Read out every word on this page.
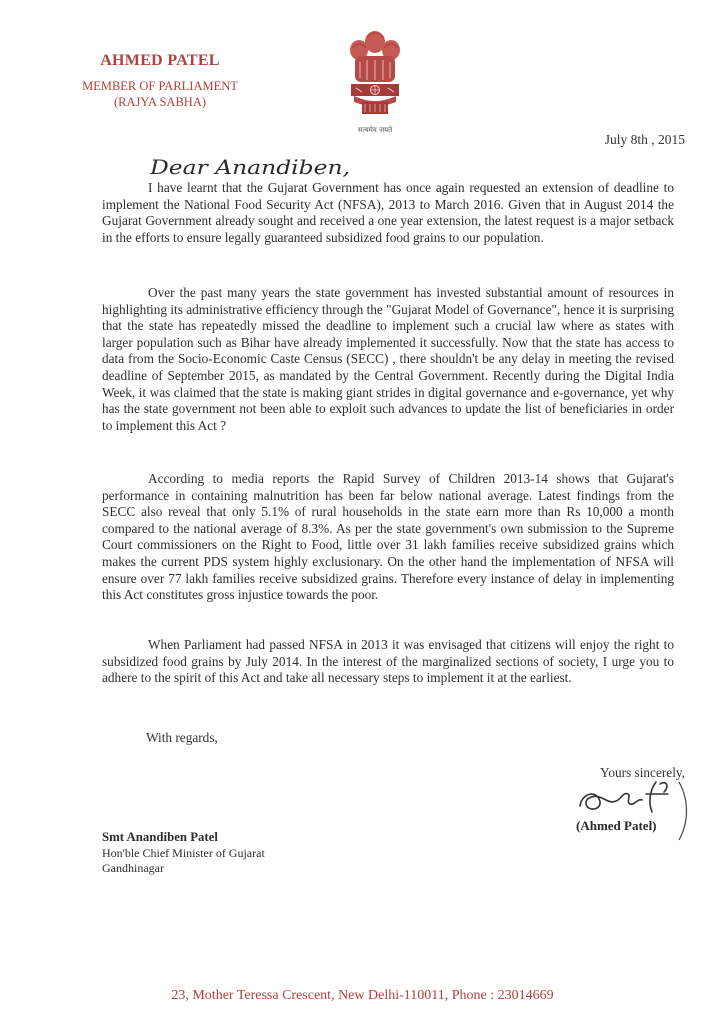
AHMED PATEL
MEMBER OF PARLIAMENT
(RAJYA SABHA)
सत्यमेव जयते
July 8th , 2015
Dear Anandiben,

I have learnt that the Gujarat Government has once again requested an extension of deadline to implement the National Food Security Act (NFSA), 2013 to March 2016. Given that in August 2014 the Gujarat Government already sought and received a one year extension, the latest request is a major setback in the efforts to ensure legally guaranteed subsidized food grains to our population.

Over the past many years the state government has invested substantial amount of resources in highlighting its administrative efficiency through the "Gujarat Model of Governance", hence it is surprising that the state has repeatedly missed the deadline to implement such a crucial law where as states with larger population such as Bihar have already implemented it successfully. Now that the state has access to data from the Socio-Economic Caste Census (SECC) , there shouldn't be any delay in meeting the revised deadline of September 2015, as mandated by the Central Government. Recently during the Digital India Week, it was claimed that the state is making giant strides in digital governance and e-governance, yet why has the state government not been able to exploit such advances to update the list of beneficiaries in order to implement this Act ?

According to media reports the Rapid Survey of Children 2013-14 shows that Gujarat's performance in containing malnutrition has been far below national average. Latest findings from the SECC also reveal that only 5.1% of rural households in the state earn more than Rs 10,000 a month compared to the national average of 8.3%. As per the state government's own submission to the Supreme Court commissioners on the Right to Food, little over 31 lakh families receive subsidized grains which makes the current PDS system highly exclusionary. On the other hand the implementation of NFSA will ensure over 77 lakh families receive subsidized grains. Therefore every instance of delay in implementing this Act constitutes gross injustice towards the poor.

When Parliament had passed NFSA in 2013 it was envisaged that citizens will enjoy the right to subsidized food grains by July 2014. In the interest of the marginalized sections of society, I urge you to adhere to the spirit of this Act and take all necessary steps to implement it at the earliest.

With regards,
Yours sincerely,
(Ahmed Patel)
Smt Anandiben Patel
Hon'ble Chief Minister of Gujarat
Gandhinagar
23, Mother Teressa Crescent, New Delhi-110011, Phone : 23014669
